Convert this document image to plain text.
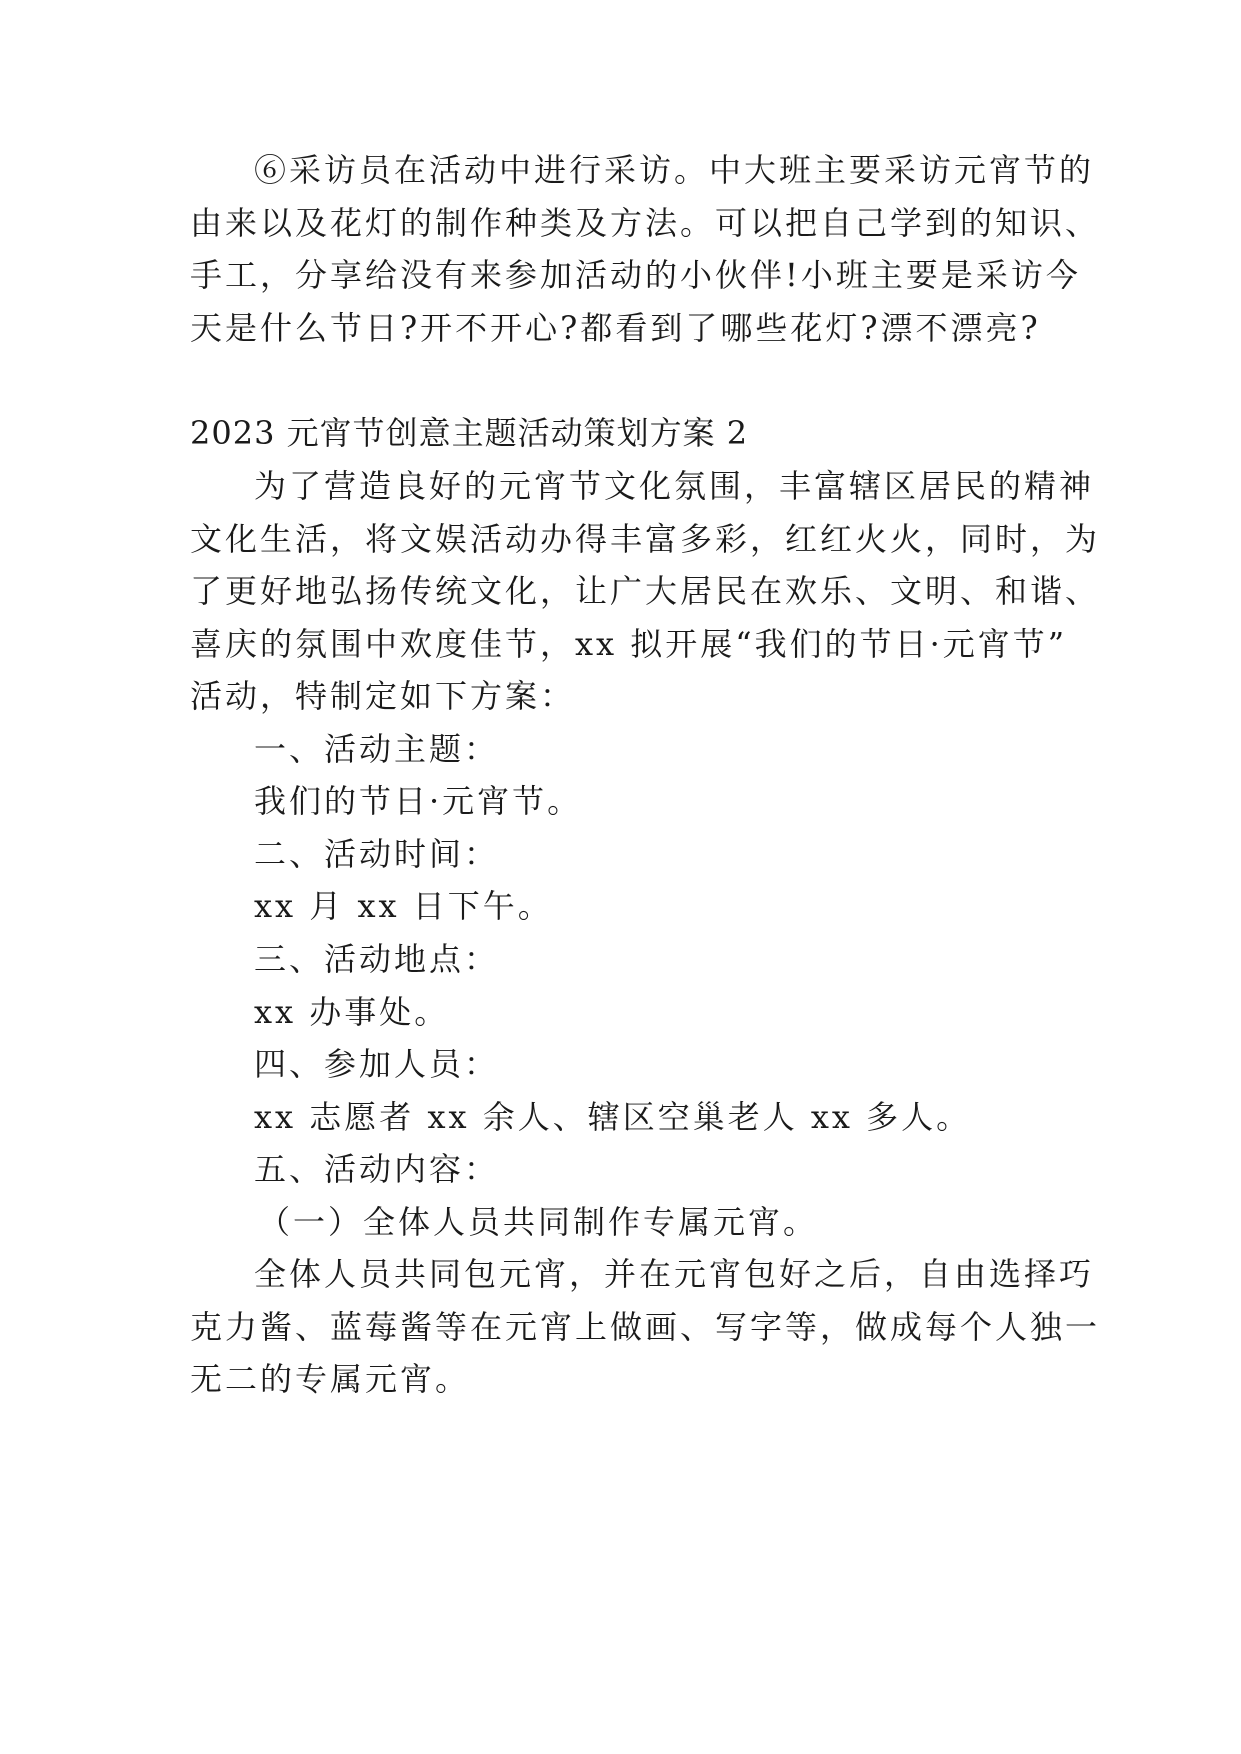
⑥采访员在活动中进行采访。中大班主要采访元宵节的
由来以及花灯的制作种类及方法。可以把自己学到的知识、
手工，分享给没有来参加活动的小伙伴!小班主要是采访今
天是什么节日?开不开心?都看到了哪些花灯?漂不漂亮?
2023 元宵节创意主题活动策划方案 2
为了营造良好的元宵节文化氛围，丰富辖区居民的精神
文化生活，将文娱活动办得丰富多彩，红红火火，同时，为
了更好地弘扬传统文化，让广大居民在欢乐、文明、和谐、
喜庆的氛围中欢度佳节，xx 拟开展“我们的节日·元宵节”
活动，特制定如下方案：
一、活动主题：
我们的节日·元宵节。
二、活动时间：
xx 月 xx 日下午。
三、活动地点：
xx 办事处。
四、参加人员：
xx 志愿者 xx 余人、辖区空巢老人 xx 多人。
五、活动内容：
（一）全体人员共同制作专属元宵。
全体人员共同包元宵，并在元宵包好之后，自由选择巧
克力酱、蓝莓酱等在元宵上做画、写字等，做成每个人独一
无二的专属元宵。
